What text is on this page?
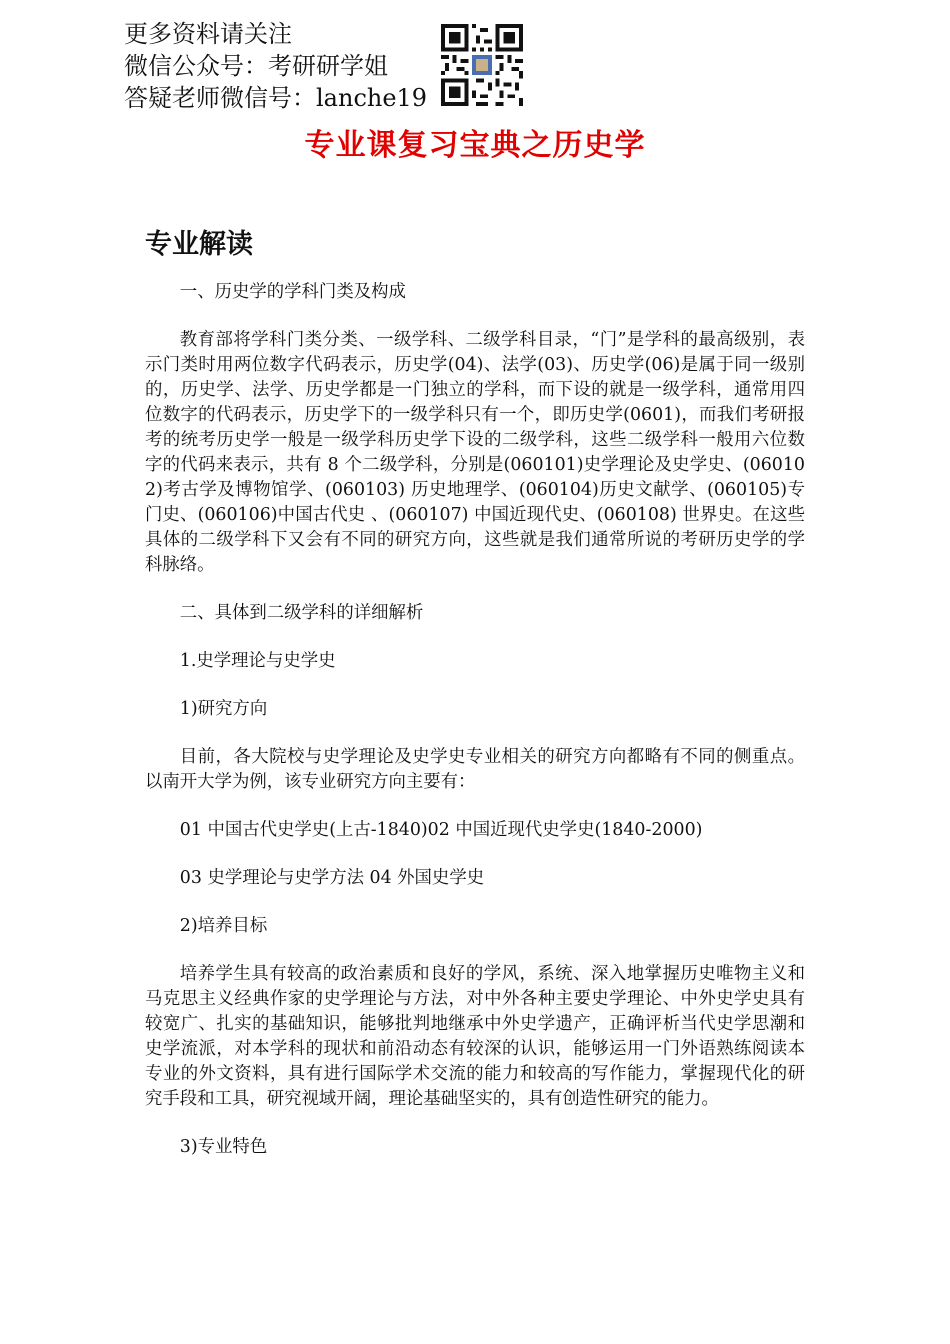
更多资料请关注
微信公众号：考研研学姐
答疑老师微信号：lanche19
专业课复习宝典之历史学
专业解读

一、历史学的学科门类及构成

教育部将学科门类分类、一级学科、二级学科目录，“门”是学科的最高级别，表示门类时用两位数字代码表示，历史学(04)、法学(03)、历史学(06)是属于同一级别的，历史学、法学、历史学都是一门独立的学科，而下设的就是一级学科，通常用四位数字的代码表示，历史学下的一级学科只有一个，即历史学(0601)，而我们考研报考的统考历史学一般是一级学科历史学下设的二级学科，这些二级学科一般用六位数字的代码来表示，共有 8 个二级学科，分别是(060101)史学理论及史学史、(060102)考古学及博物馆学、(060103) 历史地理学、(060104)历史文献学、(060105)专门史、(060106)中国古代史 、(060107) 中国近现代史、(060108) 世界史。在这些具体的二级学科下又会有不同的研究方向，这些就是我们通常所说的考研历史学的学科脉络。

二、具体到二级学科的详细解析

1.史学理论与史学史

1)研究方向

目前，各大院校与史学理论及史学史专业相关的研究方向都略有不同的侧重点。以南开大学为例，该专业研究方向主要有：

01 中国古代史学史(上古-1840)02 中国近现代史学史(1840-2000)

03 史学理论与史学方法 04 外国史学史

2)培养目标

培养学生具有较高的政治素质和良好的学风，系统、深入地掌握历史唯物主义和马克思主义经典作家的史学理论与方法，对中外各种主要史学理论、中外史学史具有较宽广、扎实的基础知识，能够批判地继承中外史学遗产，正确评析当代史学思潮和史学流派，对本学科的现状和前沿动态有较深的认识，能够运用一门外语熟练阅读本专业的外文资料，具有进行国际学术交流的能力和较高的写作能力，掌握现代化的研究手段和工具，研究视域开阔，理论基础坚实的，具有创造性研究的能力。

3)专业特色
